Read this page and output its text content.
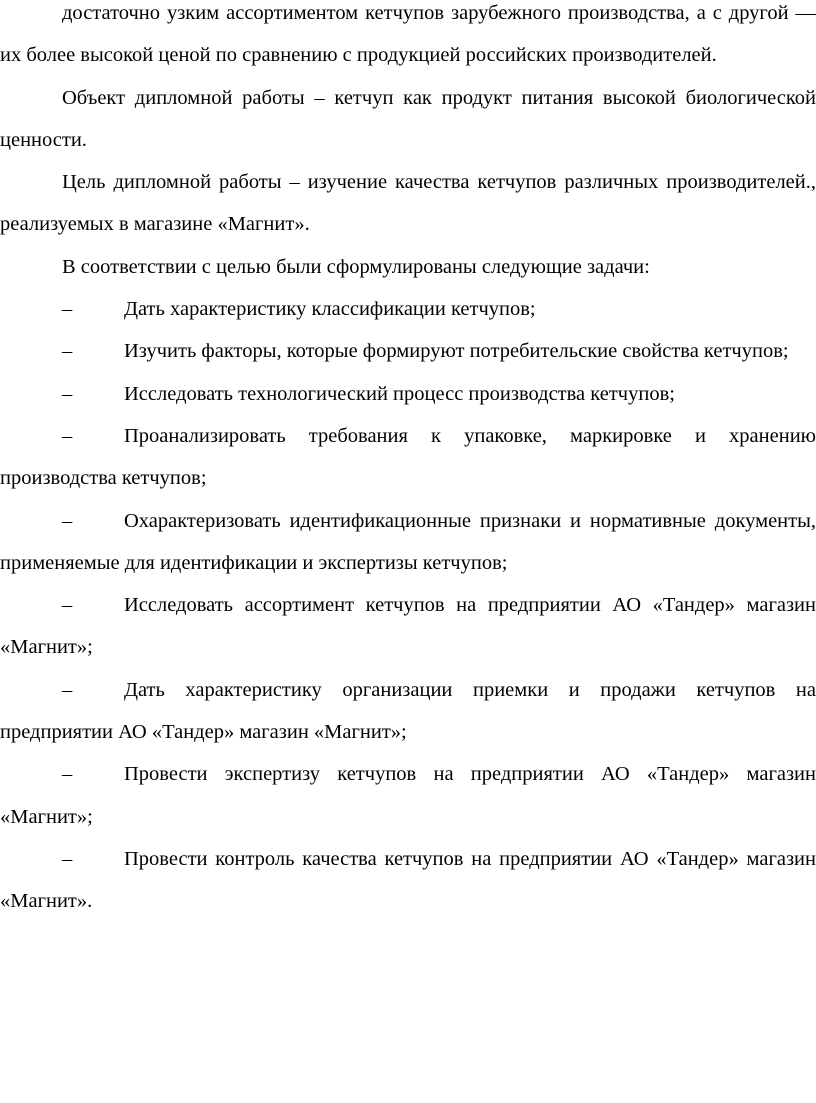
достаточно узким ассортиментом кетчупов зарубежного производства, а с другой — их более высокой ценой по сравнению с продукцией российских производителей.

Объект дипломной работы – кетчуп как продукт питания высокой биологической ценности.

Цель дипломной работы – изучение качества кетчупов различных производителей., реализуемых в магазине «Магнит».

В соответствии с целью были сформулированы следующие задачи:

–	Дать характеристику классификации кетчупов;

–	Изучить факторы, которые формируют потребительские свойства кетчупов;

–	Исследовать технологический процесс производства кетчупов;

–	Проанализировать требования к упаковке, маркировке и хранению производства кетчупов;

–	Охарактеризовать идентификационные признаки и нормативные документы, применяемые для идентификации и экспертизы кетчупов;

–	Исследовать ассортимент кетчупов на предприятии АО «Тандер» магазин «Магнит»;

–	Дать характеристику организации приемки и продажи кетчупов на предприятии АО «Тандер» магазин «Магнит»;

–	Провести экспертизу кетчупов на предприятии АО «Тандер» магазин «Магнит»;

–	Провести контроль качества кетчупов на предприятии АО «Тандер» магазин «Магнит».
